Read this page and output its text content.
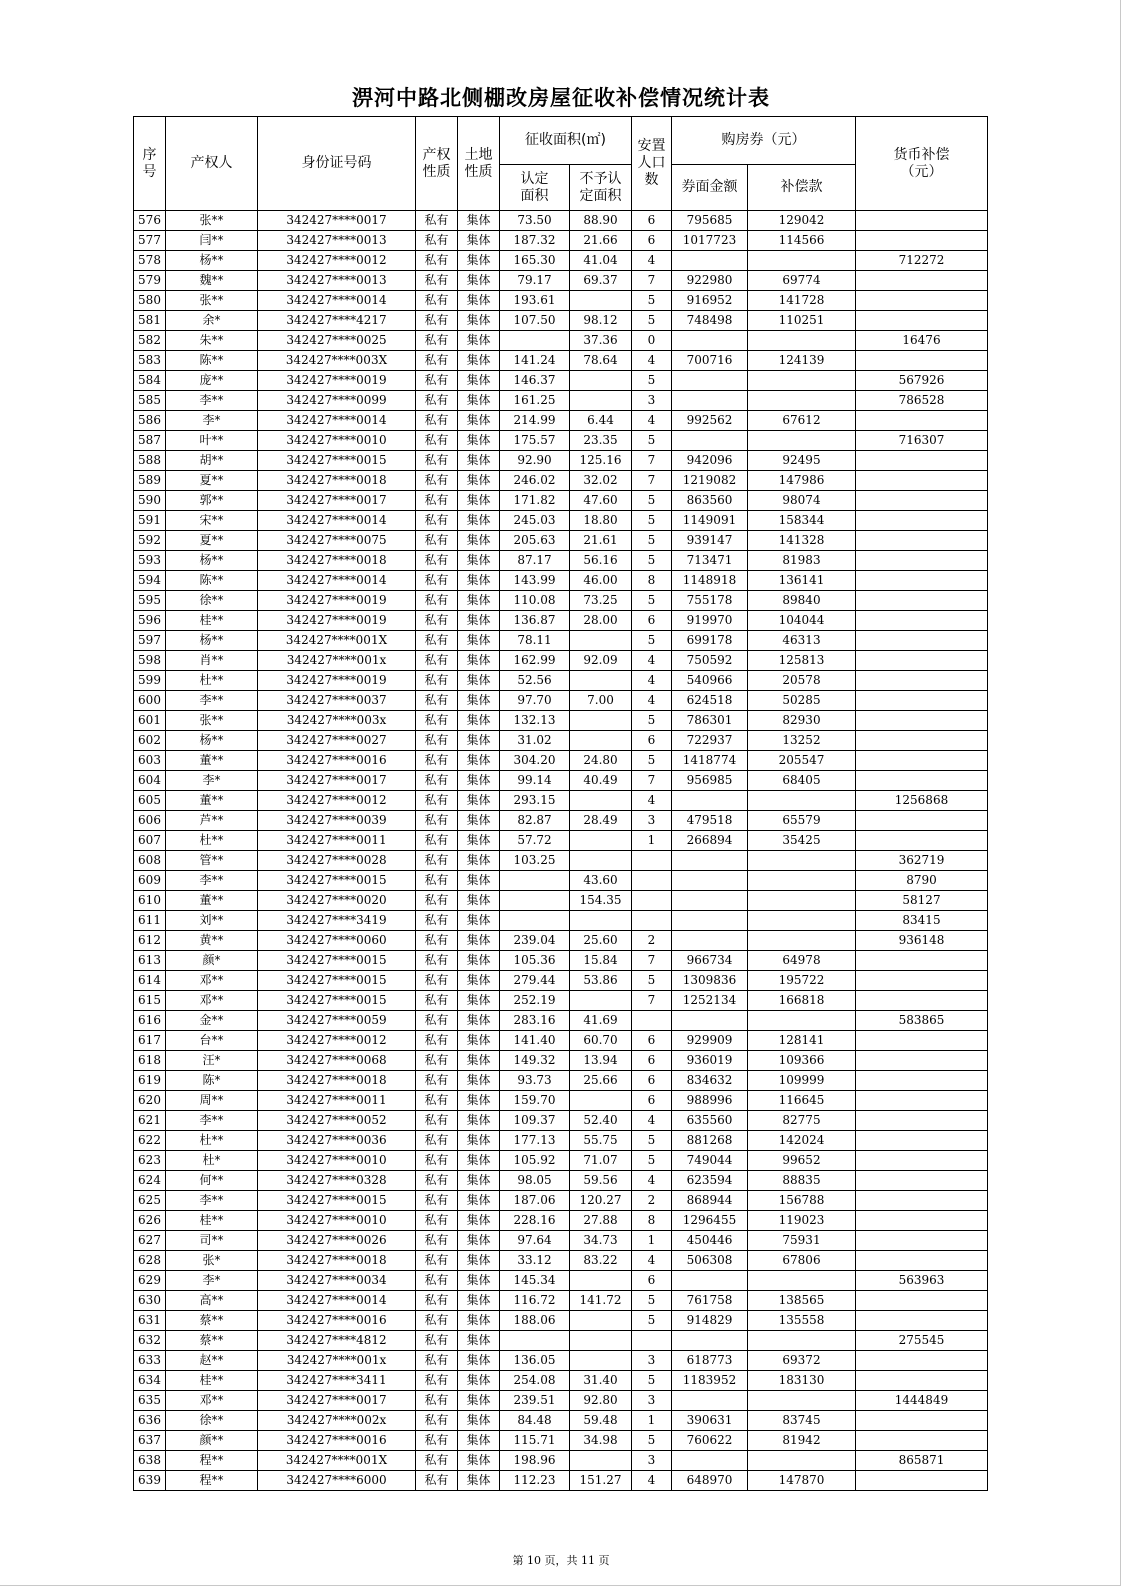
淠河中路北侧棚改房屋征收补偿情况统计表
序号	产权人	身份证号码	产权性质	土地性质	征收面积(㎡)		安置人口数	购房券（元）		货币补偿（元）
					认定面积	不予认定面积		券面金额	补偿款	
576	张**	342427****0017	私有	集体	73.50	88.90	6	795685	129042	
577	闫**	342427****0013	私有	集体	187.32	21.66	6	1017723	114566	
578	杨**	342427****0012	私有	集体	165.30	41.04	4			712272
579	魏**	342427****0013	私有	集体	79.17	69.37	7	922980	69774	
580	张**	342427****0014	私有	集体	193.61		5	916952	141728	
581	余*	342427****4217	私有	集体	107.50	98.12	5	748498	110251	
582	朱**	342427****0025	私有	集体		37.36	0			16476
583	陈**	342427****003X	私有	集体	141.24	78.64	4	700716	124139	
584	庞**	342427****0019	私有	集体	146.37		5			567926
585	李**	342427****0099	私有	集体	161.25		3			786528
586	李*	342427****0014	私有	集体	214.99	6.44	4	992562	67612	
587	叶**	342427****0010	私有	集体	175.57	23.35	5			716307
588	胡**	342427****0015	私有	集体	92.90	125.16	7	942096	92495	
589	夏**	342427****0018	私有	集体	246.02	32.02	7	1219082	147986	
590	郭**	342427****0017	私有	集体	171.82	47.60	5	863560	98074	
591	宋**	342427****0014	私有	集体	245.03	18.80	5	1149091	158344	
592	夏**	342427****0075	私有	集体	205.63	21.61	5	939147	141328	
593	杨**	342427****0018	私有	集体	87.17	56.16	5	713471	81983	
594	陈**	342427****0014	私有	集体	143.99	46.00	8	1148918	136141	
595	徐**	342427****0019	私有	集体	110.08	73.25	5	755178	89840	
596	桂**	342427****0019	私有	集体	136.87	28.00	6	919970	104044	
597	杨**	342427****001X	私有	集体	78.11		5	699178	46313	
598	肖**	342427****001x	私有	集体	162.99	92.09	4	750592	125813	
599	杜**	342427****0019	私有	集体	52.56		4	540966	20578	
600	李**	342427****0037	私有	集体	97.70	7.00	4	624518	50285	
601	张**	342427****003x	私有	集体	132.13		5	786301	82930	
602	杨**	342427****0027	私有	集体	31.02		6	722937	13252	
603	董**	342427****0016	私有	集体	304.20	24.80	5	1418774	205547	
604	李*	342427****0017	私有	集体	99.14	40.49	7	956985	68405	
605	董**	342427****0012	私有	集体	293.15		4			1256868
606	芦**	342427****0039	私有	集体	82.87	28.49	3	479518	65579	
607	杜**	342427****0011	私有	集体	57.72		1	266894	35425	
608	管**	342427****0028	私有	集体	103.25					362719
609	李**	342427****0015	私有	集体		43.60				8790
610	董**	342427****0020	私有	集体		154.35				58127
611	刘**	342427****3419	私有	集体						83415
612	黄**	342427****0060	私有	集体	239.04	25.60	2			936148
613	颜*	342427****0015	私有	集体	105.36	15.84	7	966734	64978	
614	邓**	342427****0015	私有	集体	279.44	53.86	5	1309836	195722	
615	邓**	342427****0015	私有	集体	252.19		7	1252134	166818	
616	金**	342427****0059	私有	集体	283.16	41.69				583865
617	台**	342427****0012	私有	集体	141.40	60.70	6	929909	128141	
618	汪*	342427****0068	私有	集体	149.32	13.94	6	936019	109366	
619	陈*	342427****0018	私有	集体	93.73	25.66	6	834632	109999	
620	周**	342427****0011	私有	集体	159.70		6	988996	116645	
621	李**	342427****0052	私有	集体	109.37	52.40	4	635560	82775	
622	杜**	342427****0036	私有	集体	177.13	55.75	5	881268	142024	
623	杜*	342427****0010	私有	集体	105.92	71.07	5	749044	99652	
624	何**	342427****0328	私有	集体	98.05	59.56	4	623594	88835	
625	李**	342427****0015	私有	集体	187.06	120.27	2	868944	156788	
626	桂**	342427****0010	私有	集体	228.16	27.88	8	1296455	119023	
627	司**	342427****0026	私有	集体	97.64	34.73	1	450446	75931	
628	张*	342427****0018	私有	集体	33.12	83.22	4	506308	67806	
629	李*	342427****0034	私有	集体	145.34		6			563963
630	高**	342427****0014	私有	集体	116.72	141.72	5	761758	138565	
631	蔡**	342427****0016	私有	集体	188.06		5	914829	135558	
632	蔡**	342427****4812	私有	集体						275545
633	赵**	342427****001x	私有	集体	136.05		3	618773	69372	
634	桂**	342427****3411	私有	集体	254.08	31.40	5	1183952	183130	
635	邓**	342427****0017	私有	集体	239.51	92.80	3			1444849
636	徐**	342427****002x	私有	集体	84.48	59.48	1	390631	83745	
637	颜**	342427****0016	私有	集体	115.71	34.98	5	760622	81942	
638	程**	342427****001X	私有	集体	198.96		3			865871
639	程**	342427****6000	私有	集体	112.23	151.27	4	648970	147870	
第 10 页，共 11 页
